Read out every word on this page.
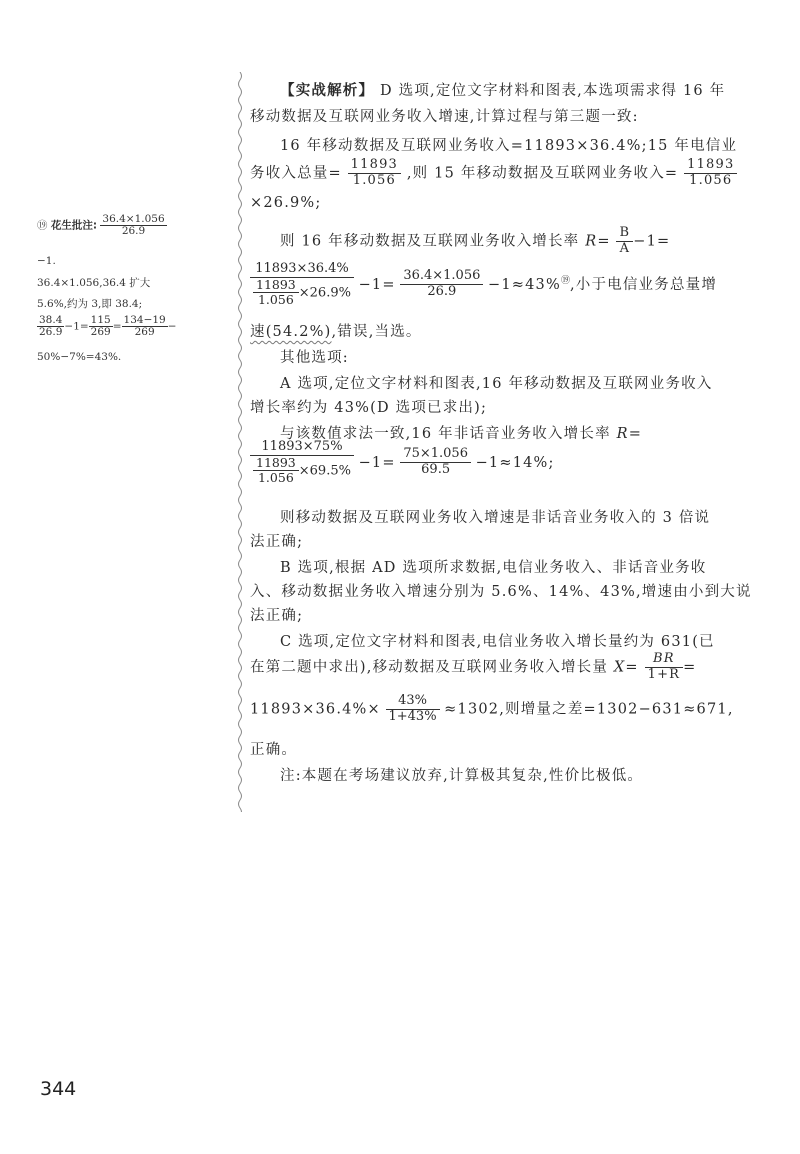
⑲ 花生批注: $\frac{36.4\times 1.056}{26.9}$
−1.
36.4×1.056,36.4 扩大
5.6%,约为 3,即 38.4;
$\frac{38.4}{26.9} -1= \frac{115}{269} = \frac{134-19}{269}$ −
50%−7%=43%.
【实战解析】 D 选项,定位文字材料和图表,本选项需求得 16 年
移动数据及互联网业务收入增速,计算过程与第三题一致:
16 年移动数据及互联网业务收入=11893×36.4%;15 年电信业
务收入总量= $\frac{11893}{1.056}$ ,则 15 年移动数据及互联网业务收入= $\frac{11893}{1.056}$
×26.9%;
则 16 年移动数据及互联网业务收入增长率 $R= \frac{B}{A} -1=$
$\frac{11893\times 36.4\%}{\frac{11893}{1.056} \times 26.9\%} -1= \frac{36.4\times 1.056}{26.9} -1\approx 43\%^⑲$,小于电信业务总量增
速(54.2%),错误,当选。
其他选项:
A 选项,定位文字材料和图表,16 年移动数据及互联网业务收入
增长率约为 43%(D 选项已求出);
与该数值求法一致,16 年非话音业务收入增长率 R=
$\frac{11893\times 75\%}{\frac{11893}{1.056} \times 69.5\%} -1= \frac{75\times 1.056}{69.5} -1\approx 14\%$;
则移动数据及互联网业务收入增速是非话音业务收入的 3 倍说
法正确;
B 选项,根据 AD 选项所求数据,电信业务收入、非话音业务收
入、移动数据业务收入增速分别为 5.6%、14%、43%,增速由小到大说
法正确;
C 选项,定位文字材料和图表,电信业务收入增长量约为 631(已
在第二题中求出),移动数据及互联网业务收入增长量 $X= \frac{BR}{1+R}$ =
$11893\times 36.4\%\times \frac{43\%}{1+43\%} \approx 1302$,则增量之差=1302−631≈671,
正确。
注:本题在考场建议放弃,计算极其复杂,性价比极低。
344
